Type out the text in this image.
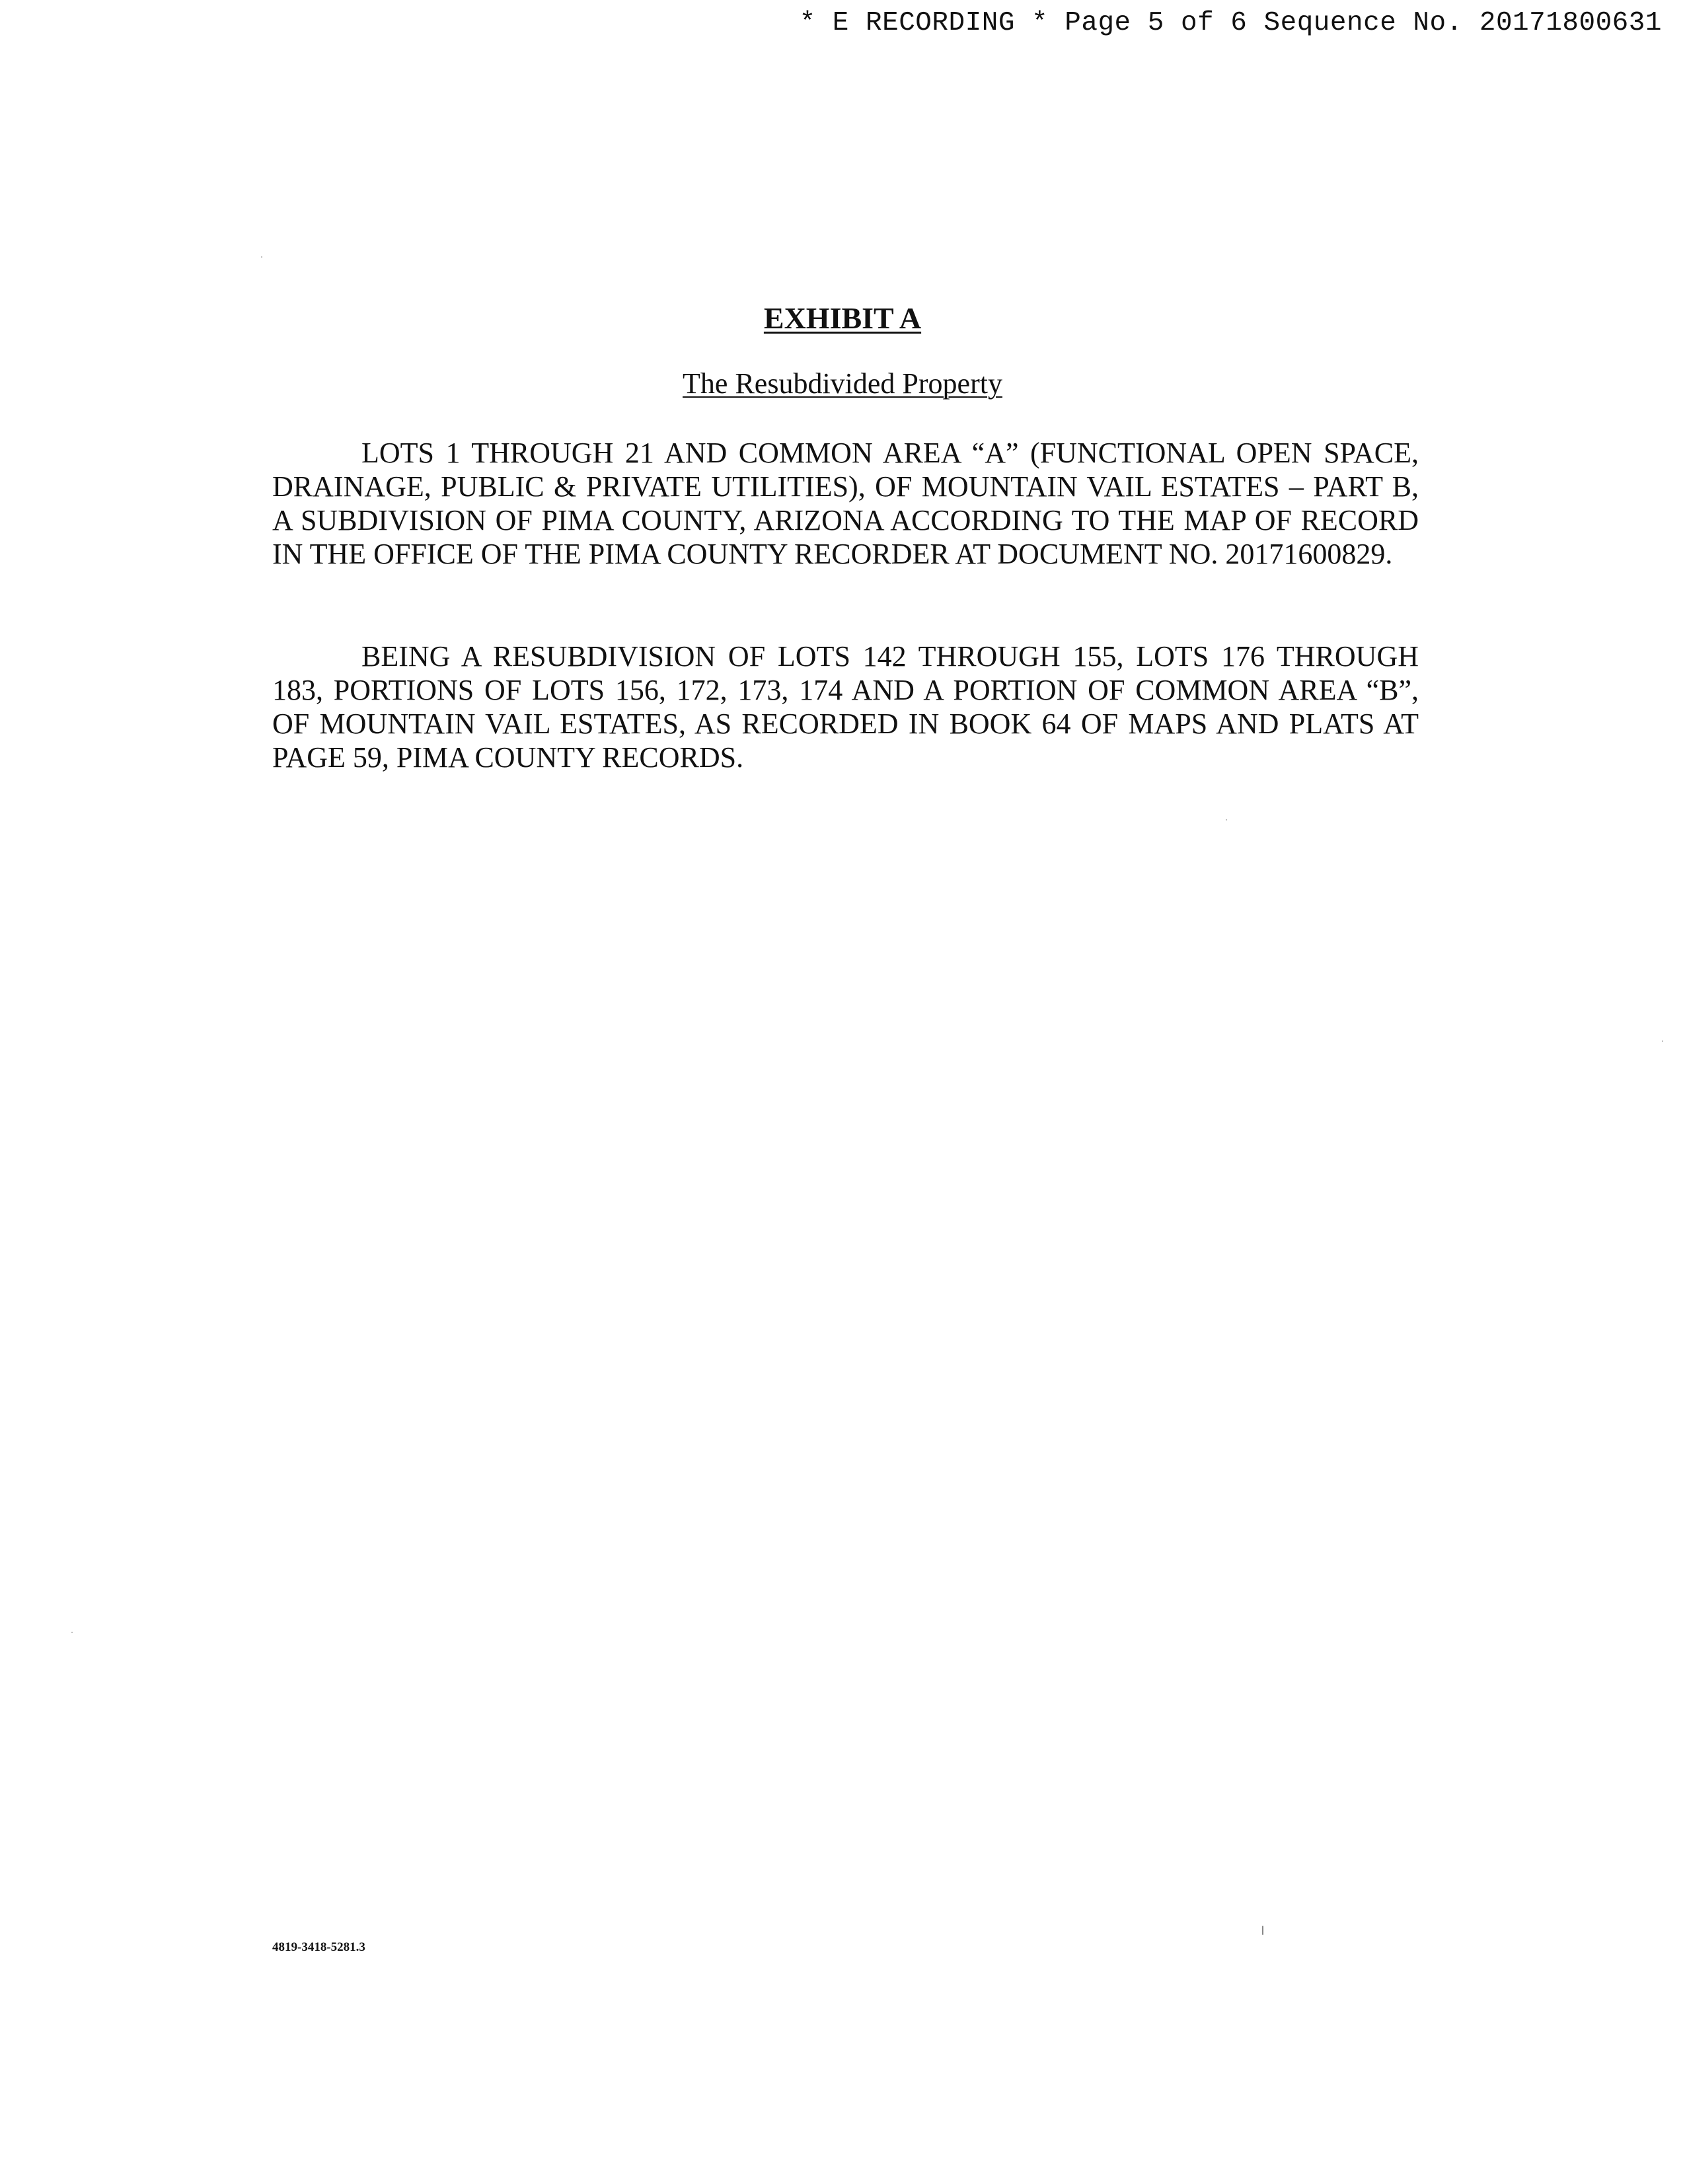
* E RECORDING * Page 5 of 6 Sequence No. 20171800631
EXHIBIT A
The Resubdivided Property

LOTS 1 THROUGH 21 AND COMMON AREA “A” (FUNCTIONAL OPEN SPACE, DRAINAGE, PUBLIC & PRIVATE UTILITIES), OF MOUNTAIN VAIL ESTATES – PART B, A SUBDIVISION OF PIMA COUNTY, ARIZONA ACCORDING TO THE MAP OF RECORD IN THE OFFICE OF THE PIMA COUNTY RECORDER AT DOCUMENT NO. 20171600829.

BEING A RESUBDIVISION OF LOTS 142 THROUGH 155, LOTS 176 THROUGH 183, PORTIONS OF LOTS 156, 172, 173, 174 AND A PORTION OF COMMON AREA “B”, OF MOUNTAIN VAIL ESTATES, AS RECORDED IN BOOK 64 OF MAPS AND PLATS AT PAGE 59, PIMA COUNTY RECORDS.

4819-3418-5281.3
